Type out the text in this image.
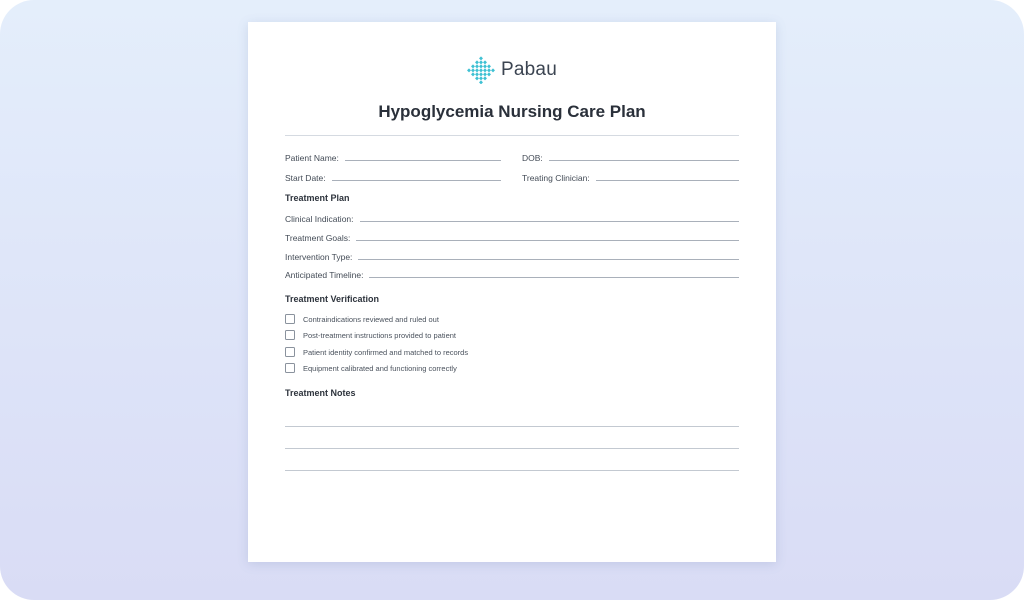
Pabau
Hypoglycemia Nursing Care Plan
Patient Name:	DOB:
Start Date:	Treating Clinician:
Treatment Plan
Clinical Indication:
Treatment Goals:
Intervention Type:
Anticipated Timeline:
Treatment Verification
Contraindications reviewed and ruled out
Post-treatment instructions provided to patient
Patient identity confirmed and matched to records
Equipment calibrated and functioning correctly
Treatment Notes
